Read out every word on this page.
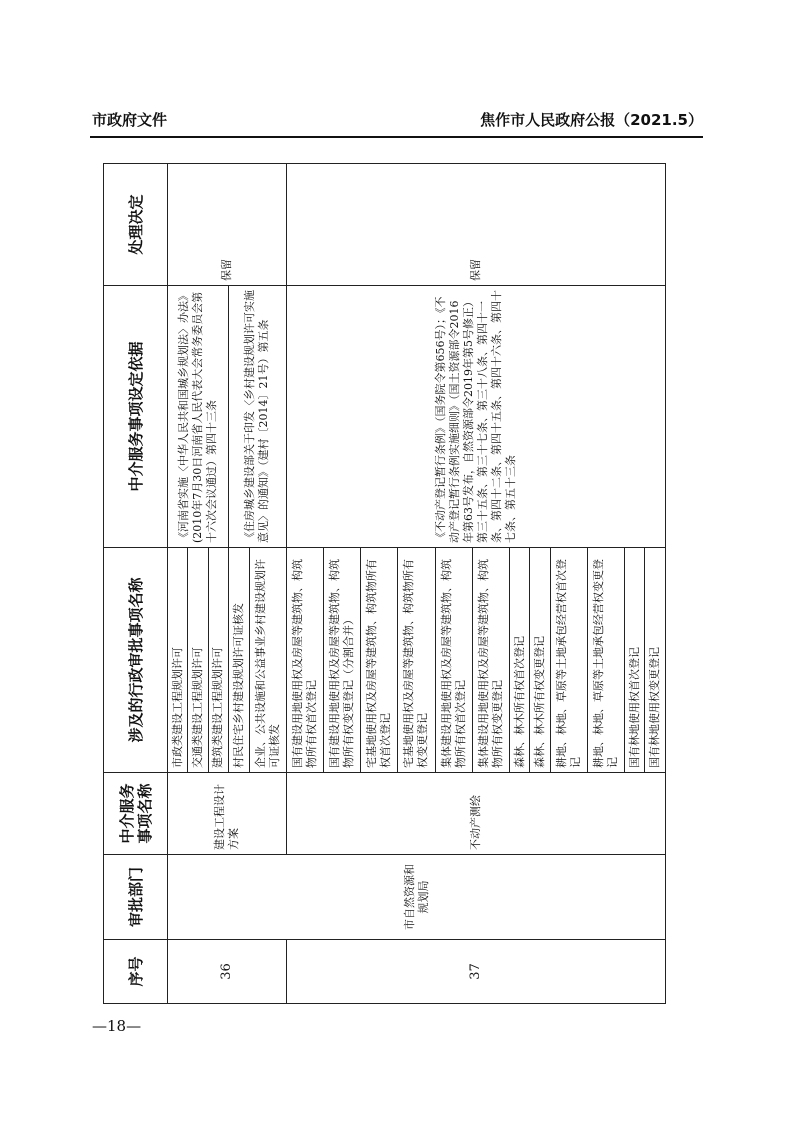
市政府文件	焦作市人民政府公报（2021.5）
序号	审批部门	中介服务事项名称	涉及的行政审批事项名称	中介服务事项设定依据	处理决定
36	市自然资源和规划局	建设工程设计方案	市政类建设工程规划许可	《河南省实施〈中华人民共和国城乡规划法〉办法》(2010年7月30日河南省人民代表大会常务委员会第十六次会议通过）第四十三条	保留
			交通类建设工程规划许可		
			建筑类建设工程规划许可		
			村民住宅乡村建设规划许可证核发	《住房城乡建设部关于印发〈乡村建设规划许可实施意见〉的通知》（建村〔2014〕21号）第五条	
			企业、公共设施和公益事业乡村建设规划许可证核发		
37		不动产测绘	国有建设用地使用权及房屋等建筑物、构筑物所有权首次登记	《不动产登记暂行条例》（国务院令第656号）；《不动产登记暂行条例实施细则》（国土资源部令2016年第63号发布，自然资源部令2019年第5号修正）第三十五条、第三十七条、第三十八条、第四十一条、第四十二条、第四十五条、第四十六条、第四十七条、第五十三条	保留
			国有建设用地使用权及房屋等建筑物、构筑物所有权变更登记（分割合并）		
			宅基地使用权及房屋等建筑物、构筑物所有权首次登记		
			宅基地使用权及房屋等建筑物、构筑物所有权变更登记		
			集体建设用地使用权及房屋等建筑物、构筑物所有权首次登记		
			集体建设用地使用权及房屋等建筑物、构筑物所有权变更登记		
			森林、林木所有权首次登记		
			森林、林木所有权变更登记		
			耕地、林地、草原等土地承包经营权首次登记		
			耕地、林地、草原等土地承包经营权变更登记		
			国有林地使用权首次登记		
			国有林地使用权变更登记		
—18—
